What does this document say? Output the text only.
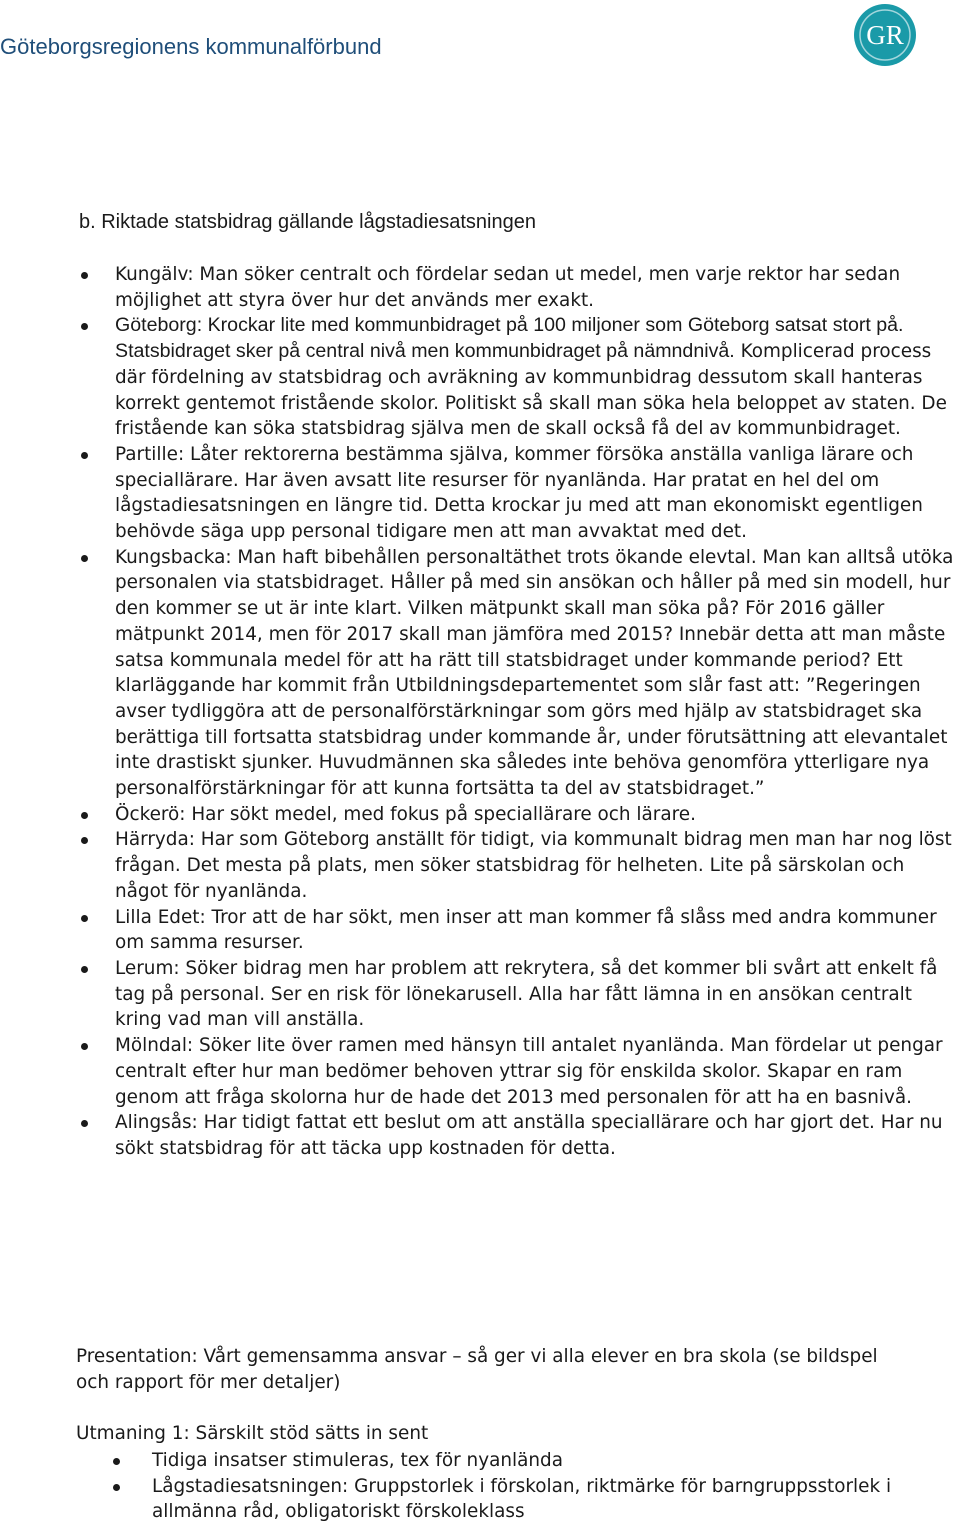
Göteborgsregionens kommunalförbund	GR
b. Riktade statsbidrag gällande lågstadiesatsningen
Kungälv: Man söker centralt och fördelar sedan ut medel, men varje rektor har sedan möjlighet att styra över hur det används mer exakt.
Göteborg: Krockar lite med kommunbidraget på 100 miljoner som Göteborg satsat stort på. Statsbidraget sker på central nivå men kommunbidraget på nämndnivå. Komplicerad process där fördelning av statsbidrag och avräkning av kommunbidrag dessutom skall hanteras korrekt gentemot fristående skolor. Politiskt så skall man söka hela beloppet av staten. De fristående kan söka statsbidrag själva men de skall också få del av kommunbidraget.
Partille: Låter rektorerna bestämma själva, kommer försöka anställa vanliga lärare och speciallärare. Har även avsatt lite resurser för nyanlända. Har pratat en hel del om lågstadiesatsningen en längre tid. Detta krockar ju med att man ekonomiskt egentligen behövde säga upp personal tidigare men att man avvaktat med det.
Kungsbacka: Man haft bibehållen personaltäthet trots ökande elevtal. Man kan alltså utöka personalen via statsbidraget. Håller på med sin ansökan och håller på med sin modell, hur den kommer se ut är inte klart. Vilken mätpunkt skall man söka på? För 2016 gäller mätpunkt 2014, men för 2017 skall man jämföra med 2015? Innebär detta att man måste satsa kommunala medel för att ha rätt till statsbidraget under kommande period? Ett klarläggande har kommit från Utbildningsdepartementet som slår fast att: ”Regeringen avser tydliggöra att de personalförstärkningar som görs med hjälp av statsbidraget ska berättiga till fortsatta statsbidrag under kommande år, under förutsättning att elevantalet inte drastiskt sjunker. Huvudmännen ska således inte behöva genomföra ytterligare nya personalförstärkningar för att kunna fortsätta ta del av statsbidraget.”
Öckerö: Har sökt medel, med fokus på speciallärare och lärare.
Härryda: Har som Göteborg anställt för tidigt, via kommunalt bidrag men man har nog löst frågan. Det mesta på plats, men söker statsbidrag för helheten. Lite på särskolan och något för nyanlända.
Lilla Edet: Tror att de har sökt, men inser att man kommer få slåss med andra kommuner om samma resurser.
Lerum: Söker bidrag men har problem att rekrytera, så det kommer bli svårt att enkelt få tag på personal. Ser en risk för lönekarusell. Alla har fått lämna in en ansökan centralt kring vad man vill anställa.
Mölndal: Söker lite över ramen med hänsyn till antalet nyanlända. Man fördelar ut pengar centralt efter hur man bedömer behoven yttrar sig för enskilda skolor. Skapar en ram genom att fråga skolorna hur de hade det 2013 med personalen för att ha en basnivå.
Alingsås: Har tidigt fattat ett beslut om att anställa speciallärare och har gjort det. Har nu sökt statsbidrag för att täcka upp kostnaden för detta.

Presentation: Vårt gemensamma ansvar – så ger vi alla elever en bra skola (se bildspel och rapport för mer detaljer)

Utmaning 1: Särskilt stöd sätts in sent

Tidiga insatser stimuleras, tex för nyanlända
Lågstadiesatsningen: Gruppstorlek i förskolan, riktmärke för barngruppsstorlek i allmänna råd, obligatoriskt förskoleklass
